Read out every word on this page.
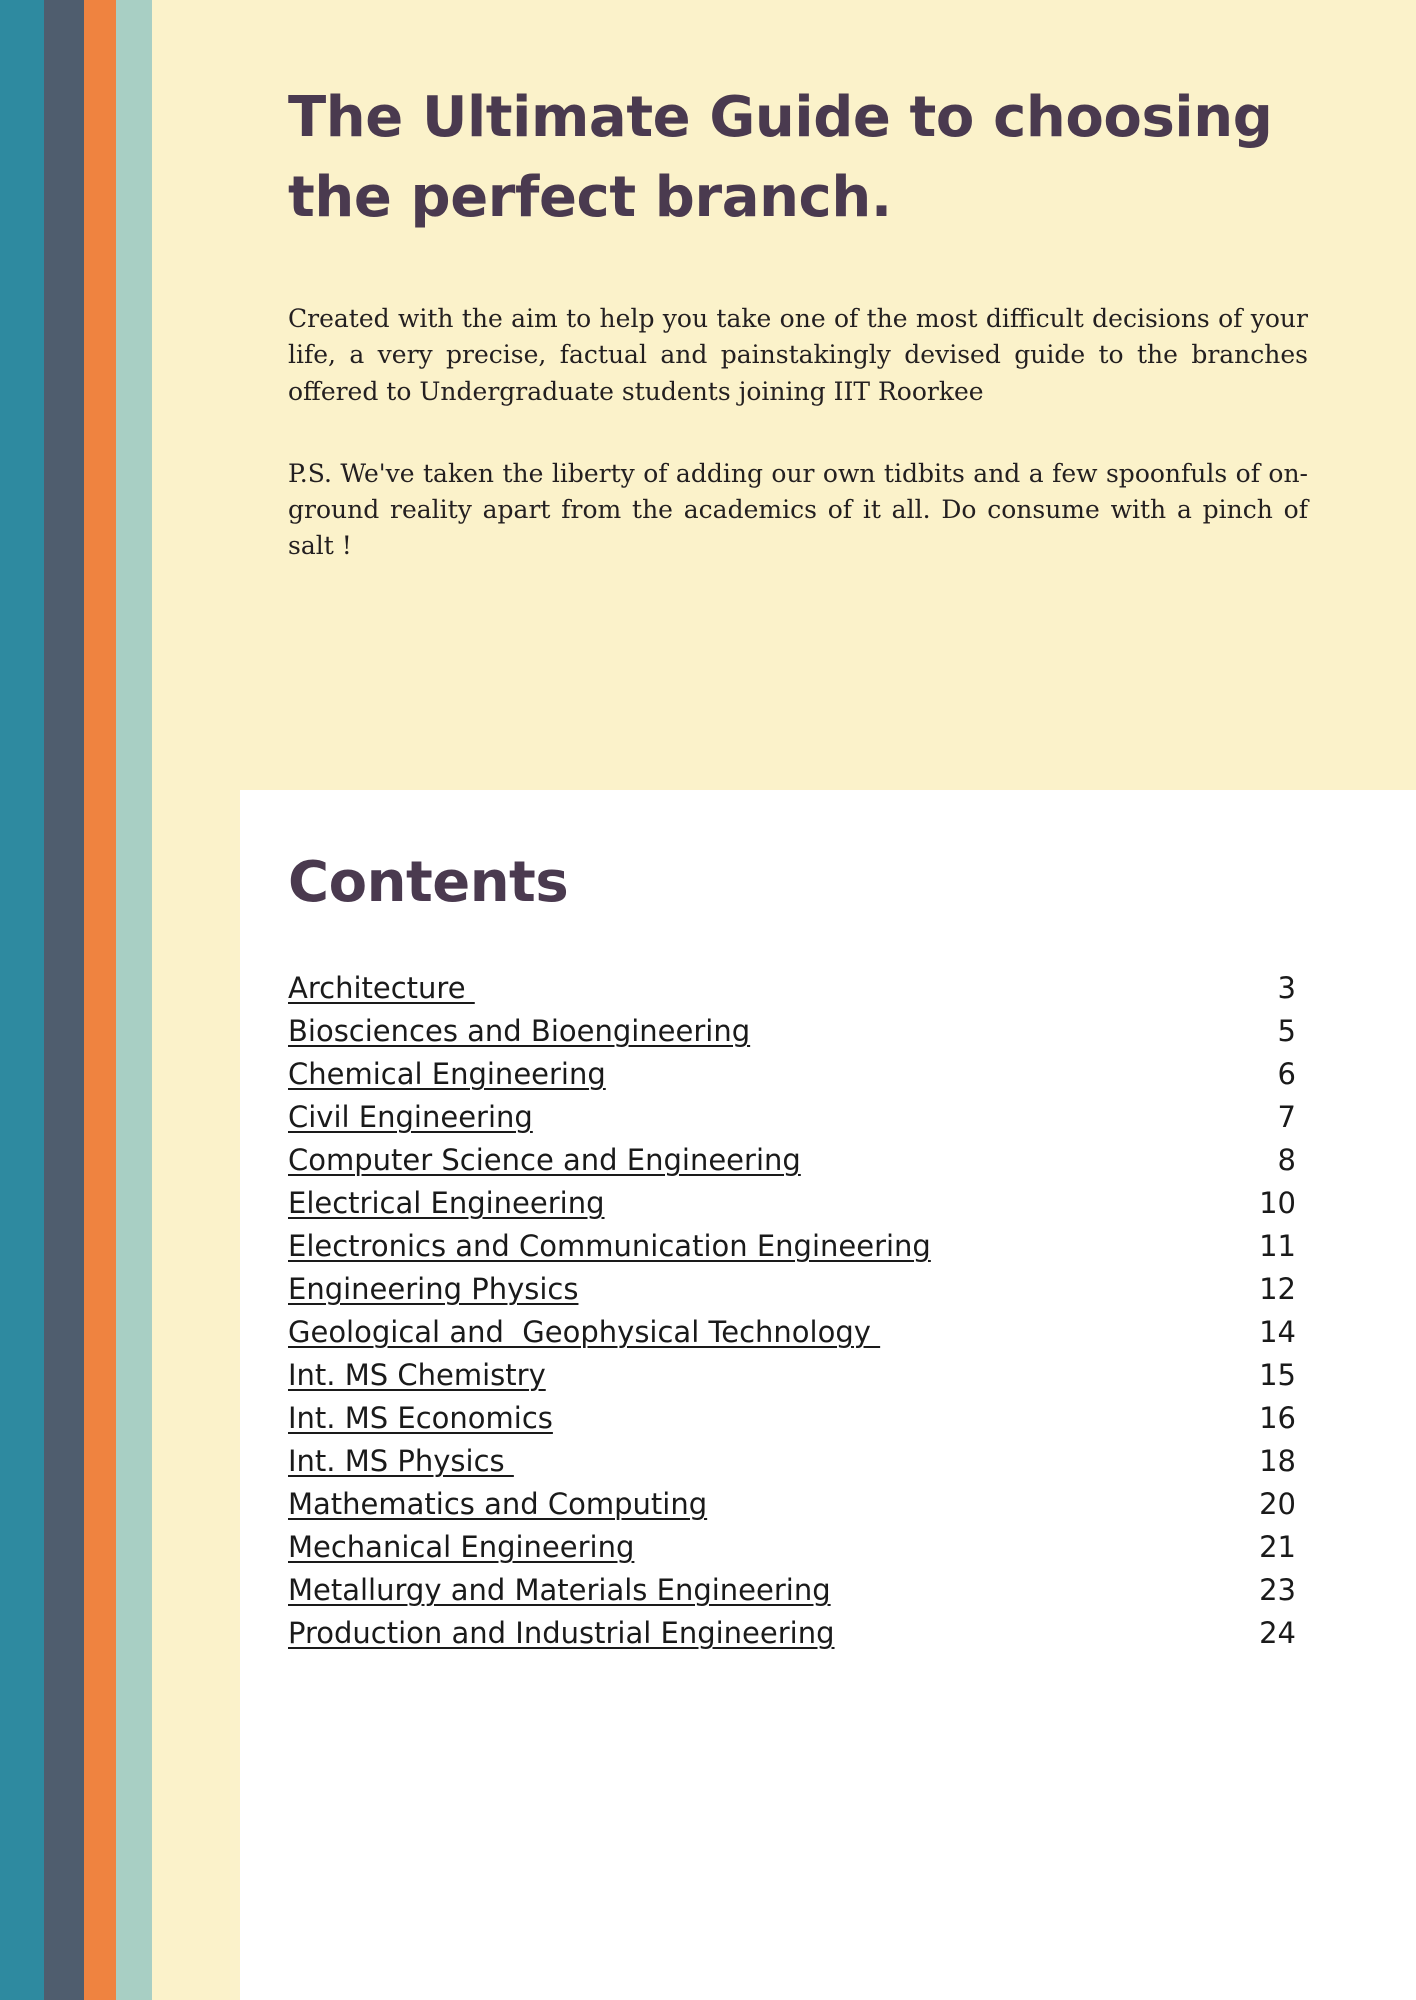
The Ultimate Guide to choosing the perfect branch.

Created with the aim to help you take one of the most difficult decisions of your life, a very precise, factual and painstakingly devised guide to the branches offered to Undergraduate students joining IIT Roorkee

P.S. We've taken the liberty of adding our own tidbits and a few spoonfuls of on-ground reality apart from the academics of it all. Do consume with a pinch of salt !

Contents
Architecture	3
Biosciences and Bioengineering	5
Chemical Engineering	6
Civil Engineering	7
Computer Science and Engineering	8
Electrical Engineering	10
Electronics and Communication Engineering	11
Engineering Physics	12
Geological and  Geophysical Technology	14
Int. MS Chemistry	15
Int. MS Economics	16
Int. MS Physics	18
Mathematics and Computing	20
Mechanical Engineering	21
Metallurgy and Materials Engineering	23
Production and Industrial Engineering	24
